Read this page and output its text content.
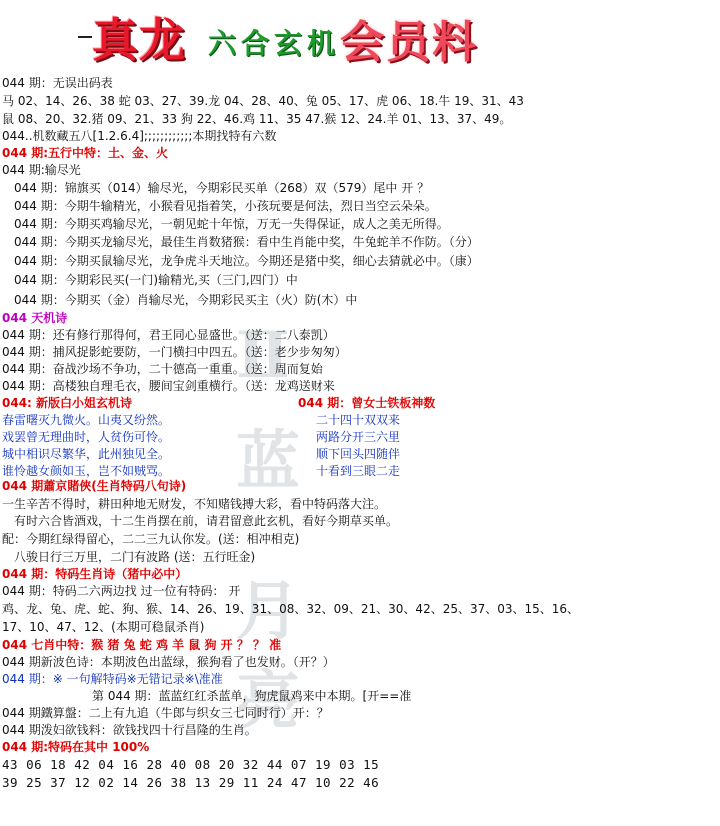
真龙 六合玄机 会员料
Ⅱ
蓝
月
亮
044 期：无误出码表
马 02、14、26、38 蛇 03、27、39.龙 04、28、40、兔 05、17、虎 06、18.牛 19、31、43
鼠 08、20、32.猪 09、21、33 狗 22、46.鸡 11、35 47.猴 12、24.羊 01、13、37、49。
044..机数藏五八[1.2.6.4];;;;;;;;;;;;本期找特有六数
044 期:五行中特：土、金、火
044 期:输尽光
044 期：锦旗买（014）输尽光，今期彩民买单（268）双（579）尾中 开 ？
044 期：今期牛输精光，小猴看见指着笑，小孩玩要是何法，烈日当空云朵朵。
044 期：今期买鸡输尽光，一朝见蛇十年惊，万无一失得保证，成人之美无所得。
044 期：今期买龙输尽光，最佳生肖数猪猴：看中生肖能中奖，牛兔蛇羊不作防。（分）
044 期：今期买鼠输尽光，龙争虎斗天地泣。今期还是猪中奖，细心去猜就必中。（康）
044 期：今期彩民买(一门)输精光,买（三门,四门）中
044 期：今期买（金）肖输尽光，今期彩民买主（火）防(木）中
044 天机诗
044 期：还有修行那得何，君王同心显盛世。（送：二八泰凯）
044 期：捕风捉影蛇要防，一门横扫中四五。（送：老少步匆匆）
044 期：奋战沙场不争功，二十德高一重重。（送：周而复始
044 期：高楼独自理毛衣，腰间宝剑重横行。（送：龙鸡送财来
044: 新版白小姐玄机诗	044 期：曾女士铁板神数
春雷曙灭九微火。山夷又纷然。
戏罢曾无理曲时，人贫伤可怜。
城中相识尽繁华，此州独见全。
谁怜越女颜如玉，岂不如贼骂。
二十四十双双来
两路分开三六里
顺下回头四随伴
十看到三眼二走
044 期蕭京賭俠(生肖特码八句诗)
一生辛苦不得时，耕田种地无财发，不知赌钱搏大彩，看中特码落大注。
有时六合皆酒戏，十二生肖摆在前，请君留意此玄机，看好今期草买单。
配：今期红绿得留心，二二三九认你发。(送：相冲相克)
八骏日行三万里，二门有波路 (送：五行旺金)
044 期：特码生肖诗（猪中必中）
044 期：特码二六两边找 过一位有特码： 开
鸡、龙、兔、虎、蛇、狗、猴、14、26、19、31、08、32、09、21、30、42、25、37、03、15、16、
17、10、47、12、(本期可稳鼠杀肖)
044 七肖中特：猴 猪 兔 蛇 鸡 羊 鼠 狗 开 ？ ？ 准
044 期新波色诗：本期波色出蓝绿，猴狗看了也发财。（开？）
044 期：※ 一句解特码※无错记录※\准准
第 044 期：蓝蓝红红杀蓝单，狗虎鼠鸡来中本期。[开==准
044 期鐵算盤：二上有九追（牛郎与织女三七同时行）开：？
044 期泼妇欲钱料：欲钱找四十行昌隆的生肖。
044 期:特码在其中 100%
43 06 18 42 04 16 28 40 08 20 32 44 07 19 03 15
39 25 37 12 02 14 26 38 13 29 11 24 47 10 22 46
